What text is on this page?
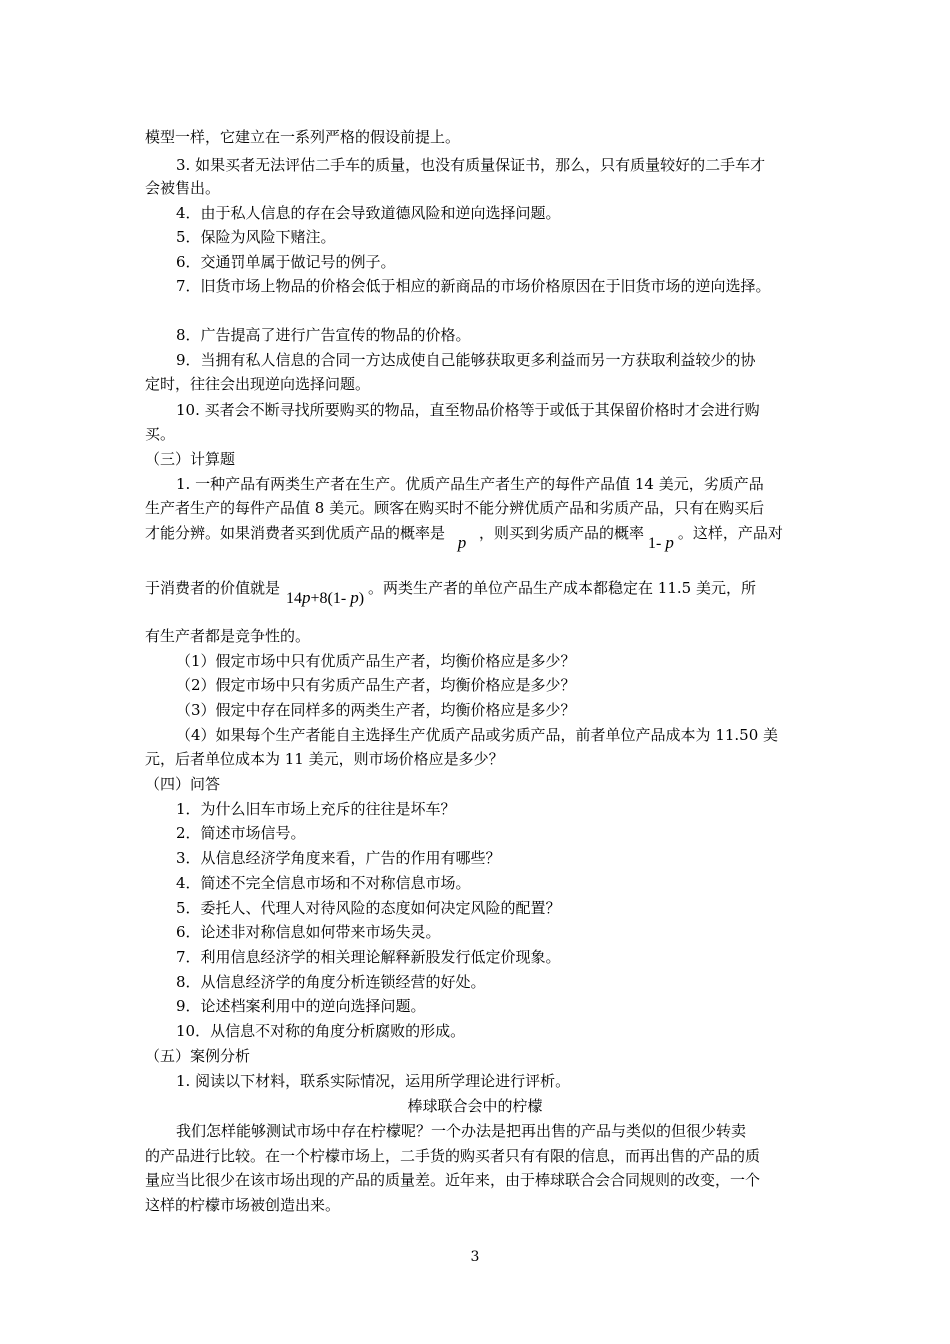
模型一样，它建立在一系列严格的假设前提上。
3. 如果买者无法评估二手车的质量，也没有质量保证书，那么，只有质量较好的二手车才
会被售出。
4．由于私人信息的存在会导致道德风险和逆向选择问题。
5．保险为风险下赌注。
6．交通罚单属于做记号的例子。
7．旧货市场上物品的价格会低于相应的新商品的市场价格原因在于旧货市场的逆向选择。
8．广告提高了进行广告宣传的物品的价格。
9．当拥有私人信息的合同一方达成使自己能够获取更多利益而另一方获取利益较少的协
定时，往往会出现逆向选择问题。
10. 买者会不断寻找所要购买的物品，直至物品价格等于或低于其保留价格时才会进行购
买。
（三）计算题
1. 一种产品有两类生产者在生产。优质产品生产者生产的每件产品值 14 美元，劣质产品
生产者生产的每件产品值 8 美元。顾客在购买时不能分辨优质产品和劣质产品，只有在购买后
才能分辨。如果消费者买到优质产品的概率是 p ，则买到劣质产品的概率1- p 。这样，产品对
于消费者的价值就是14p+8(1- p)。两类生产者的单位产品生产成本都稳定在 11.5 美元，所
有生产者都是竞争性的。
（1）假定市场中只有优质产品生产者，均衡价格应是多少？
（2）假定市场中只有劣质产品生产者，均衡价格应是多少？
（3）假定中存在同样多的两类生产者，均衡价格应是多少？
（4）如果每个生产者能自主选择生产优质产品或劣质产品，前者单位产品成本为 11.50 美
元，后者单位成本为 11 美元，则市场价格应是多少？
（四）问答
1．为什么旧车市场上充斥的往往是坏车？
2．简述市场信号。
3．从信息经济学角度来看，广告的作用有哪些？
4．简述不完全信息市场和不对称信息市场。
5．委托人、代理人对待风险的态度如何决定风险的配置？
6．论述非对称信息如何带来市场失灵。
7．利用信息经济学的相关理论解释新股发行低定价现象。
8．从信息经济学的角度分析连锁经营的好处。
9．论述档案利用中的逆向选择问题。
10．从信息不对称的角度分析腐败的形成。
（五）案例分析
1. 阅读以下材料，联系实际情况，运用所学理论进行评析。
棒球联合会中的柠檬
我们怎样能够测试市场中存在柠檬呢？一个办法是把再出售的产品与类似的但很少转卖
的产品进行比较。在一个柠檬市场上，二手货的购买者只有有限的信息，而再出售的产品的质
量应当比很少在该市场出现的产品的质量差。近年来，由于棒球联合会合同规则的改变，一个
这样的柠檬市场被创造出来。
3
